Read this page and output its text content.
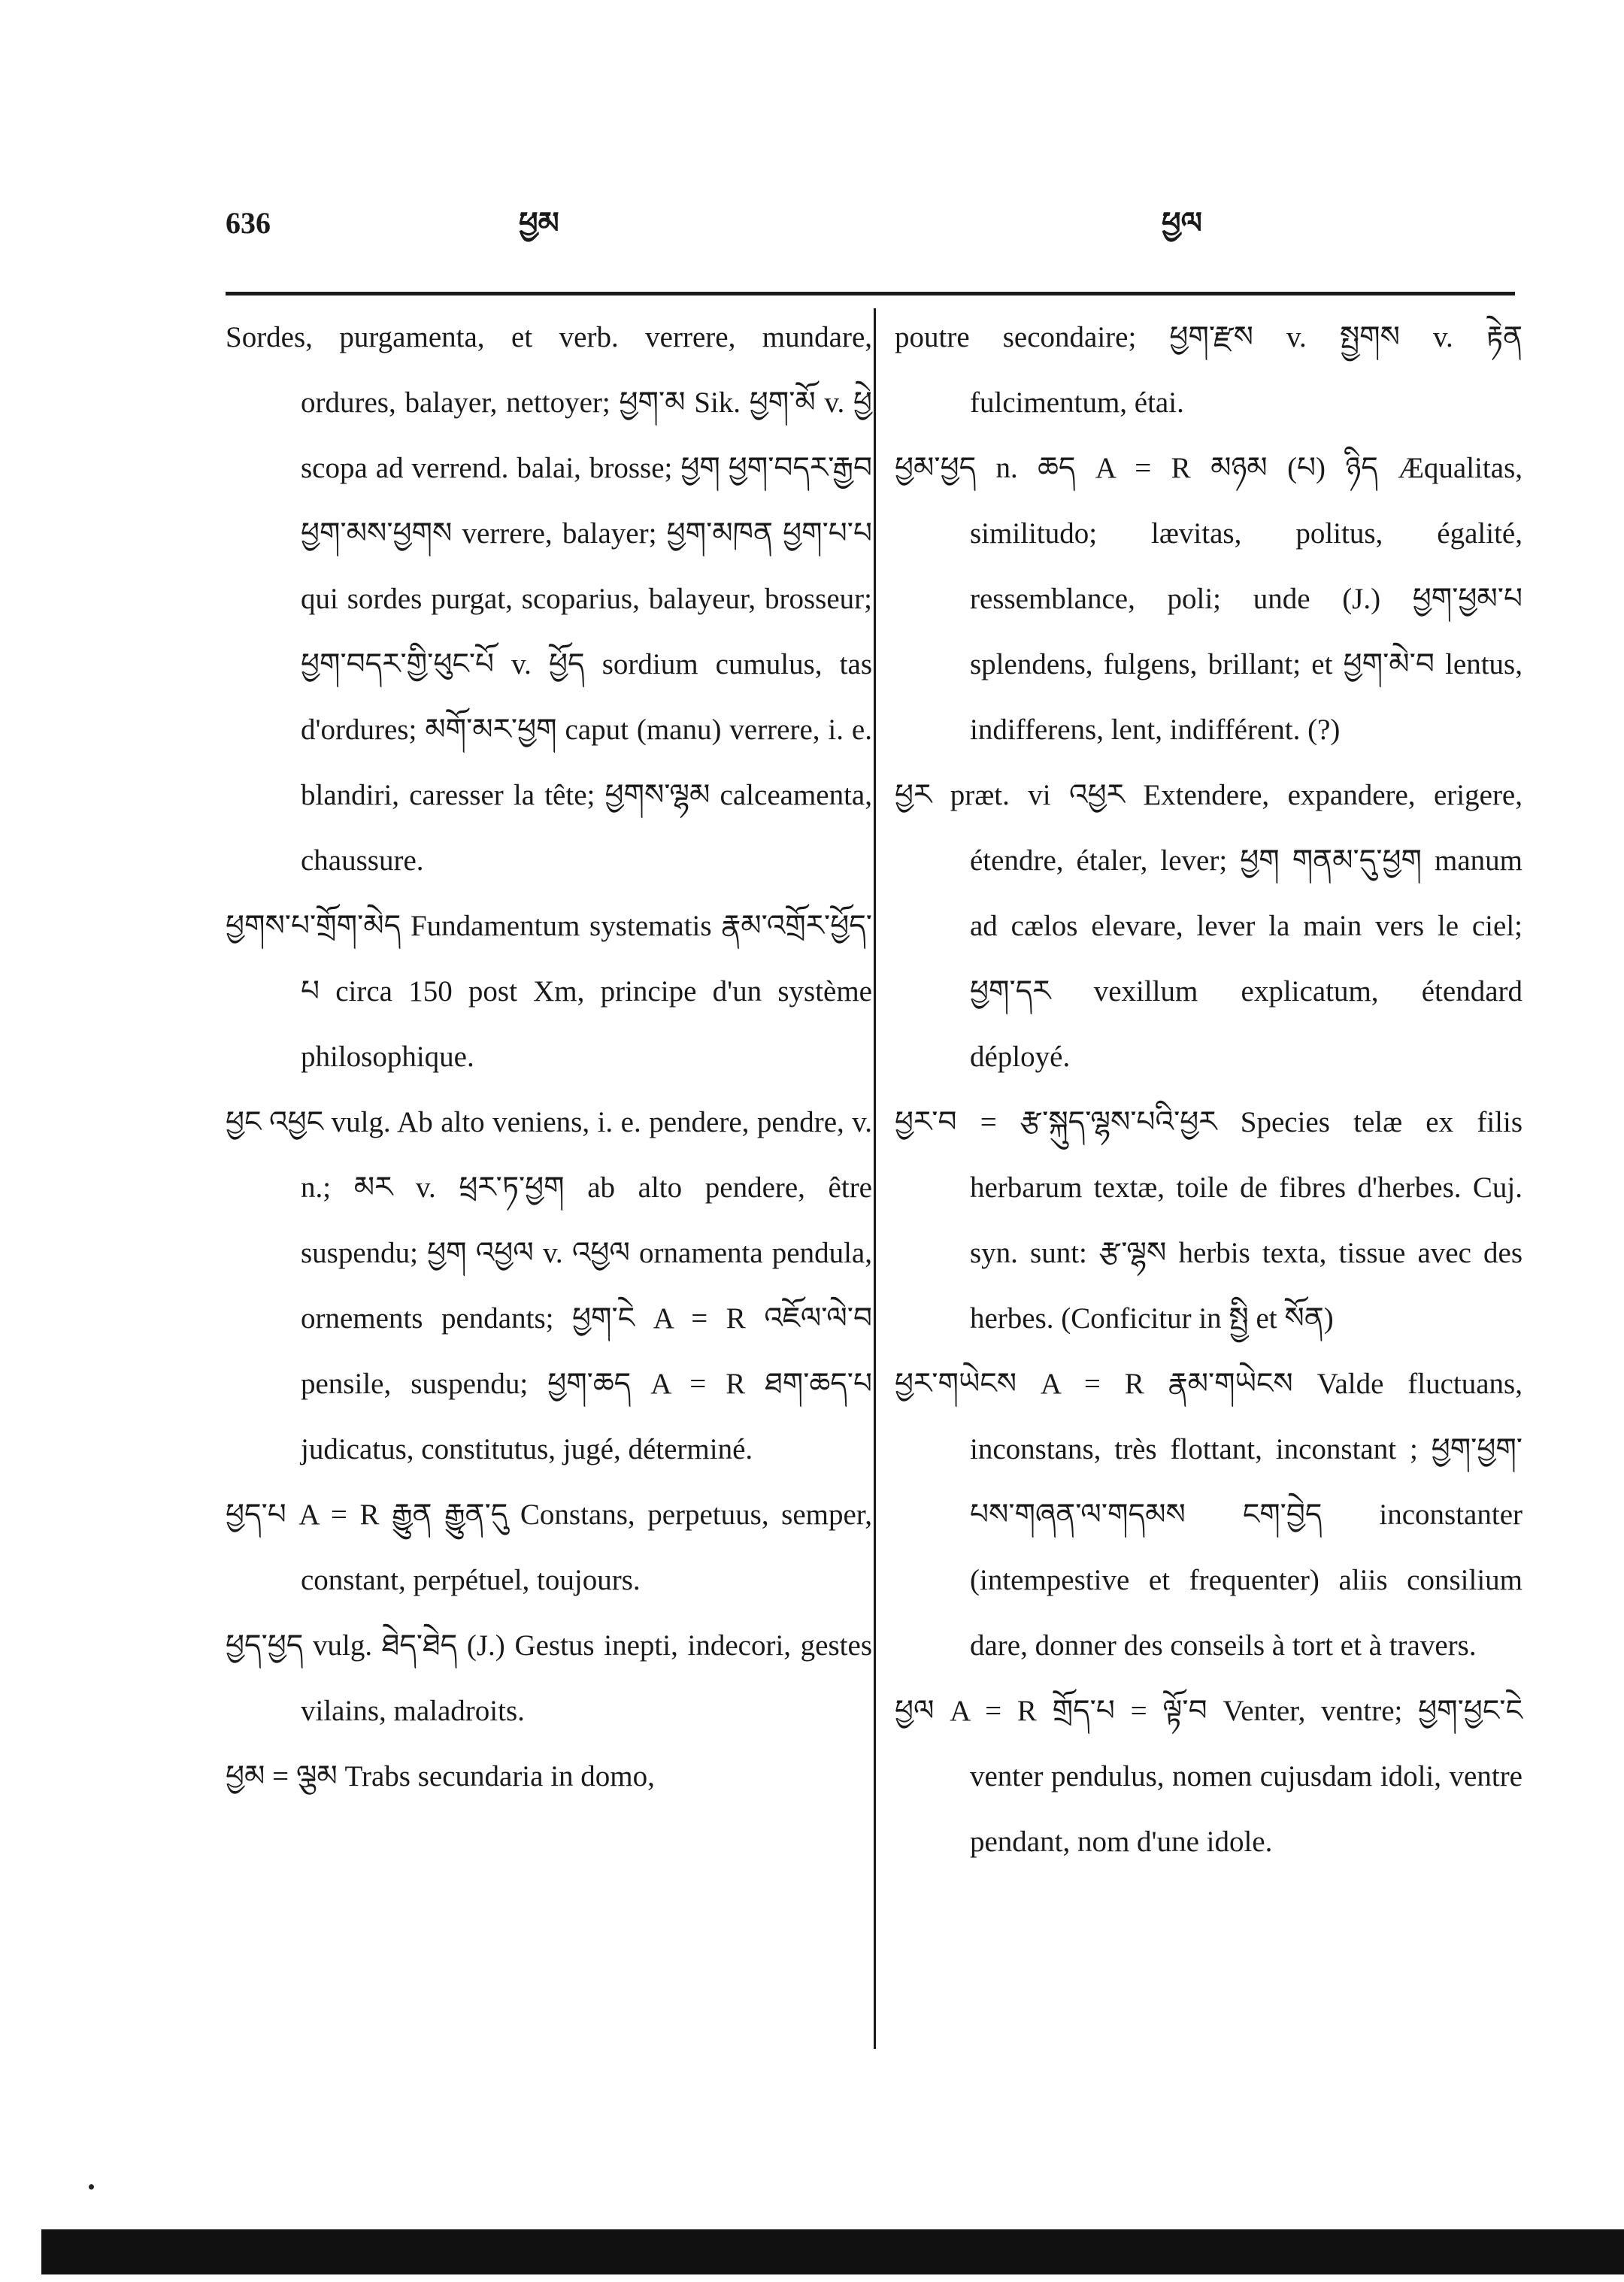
636	ཕྱམ	ཕྱལ

Sordes, purgamenta, et verb. verrere, mundare, ordures, balayer, nettoyer; ཕྱག་མ Sik. ཕྱག་མོ v. ཕྱེ scopa ad verrend. balai, brosse; ཕྱག ཕྱག་བདར་རྒྱབ ཕྱག་མས་ཕྱགས verrere, balayer; ཕྱག་མཁན ཕྱག་པ་པ qui sordes purgat, scoparius, balayeur, brosseur; ཕྱག་བདར་གྱི་ཕུང་པོ v. ཕྱོད sordium cumulus, tas d'ordures; མགོ་མར་ཕྱག caput (manu) verrere, i. e. blandiri, caresser la tête; ཕྱགས་ལྷམ calceamenta, chaussure.

ཕྱགས་པ་གྲོག་མེད Fundamentum systematis རྣམ་འགྲོར་ཕྱོད་པ circa 150 post Xm, principe d'un système philosophique.

ཕྱང འཕྱང vulg. Ab alto veniens, i. e. pendere, pendre, v. n.; མར v. ཕྲར་ཏ་ཕྱག ab alto pendere, être suspendu; ཕྱག འཕྱལ v. འཕྱལ ornamenta pendula, ornements pendants; ཕྱག་ངེ A = R འཇོལ་ལེ་བ pensile, suspendu; ཕྱག་ཆད A = R ཐག་ཆད་པ judicatus, constitutus, jugé, déterminé.

ཕྱད་པ A = R རྒྱུན རྒྱུན་དུ Constans, perpetuus, semper, constant, perpétuel, toujours.

ཕྱད་ཕྱད vulg. ཐེད་ཐེད (J.) Gestus inepti, indecori, gestes vilains, maladroits.

ཕྱམ = ལྕམ Trabs secundaria in domo,

poutre secondaire; ཕྱག་རྫས v. སྤྱགས v. རྟེན fulcimentum, étai.

ཕྱམ་ཕྱད n. ཆད A = R མཉམ (པ) ཉིད Æqualitas, similitudo; lævitas, politus, égalité, ressemblance, poli; unde (J.) ཕྱག་ཕྱམ་པ splendens, fulgens, brillant; et ཕྱག་མེ་བ lentus, indifferens, lent, indifférent. (?)

ཕྱར præt. vi འཕྱར Extendere, expandere, erigere, étendre, étaler, lever; ཕྱག གནམ་དུ་ཕྱག manum ad cælos elevare, lever la main vers le ciel; ཕྱག་དར vexillum explicatum, étendard déployé.

ཕྱར་བ = རྩ་སྐུད་ལྷས་པའི་ཕྱར Species telæ ex filis herbarum textæ, toile de fibres d'herbes. Cuj. syn. sunt: རྩ་ལྷས herbis texta, tissue avec des herbes. (Conficitur in སྤྱི et སོན)

ཕྱར་གཡེངས A = R རྣམ་གཡེངས Valde fluctuans, inconstans, très flottant, inconstant ; ཕྱག་ཕྱག་པས་གཞན་ལ་གདམས ངག་བྱེད inconstanter (intempestive et frequenter) aliis consilium dare, donner des conseils à tort et à travers.

ཕྱལ A = R གྲོད་པ = ལྟོ་བ Venter, ventre; ཕྱག་ཕྱང་ངེ venter pendulus, nomen cujusdam idoli, ventre pendant, nom d'une idole.
